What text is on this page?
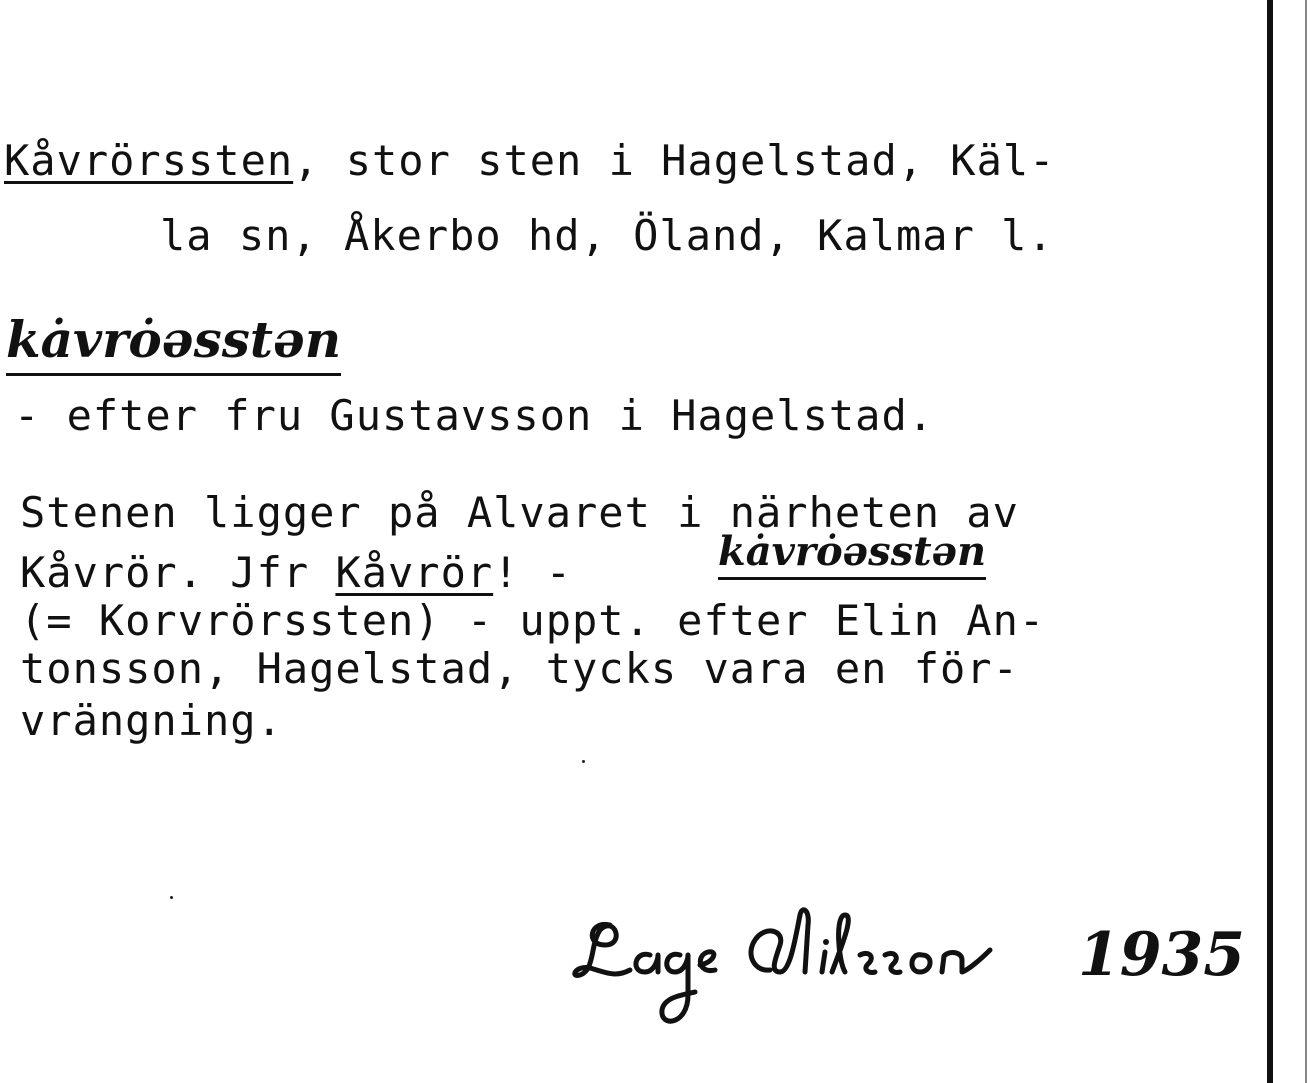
Kåvrörssten, stor sten i Hagelstad, Käl-

la sn, Åkerbo hd, Öland, Kalmar l.

kȧvrȯəsstən

- efter fru Gustavsson i Hagelstad.

Stenen ligger på Alvaret i närheten av

Kåvrör. Jfr Kåvrör! -	kȧvrȯəsstən

(= Korvrörssten) - uppt. efter Elin An-

tonsson, Hagelstad, tycks vara en för-

vrängning.

1935
